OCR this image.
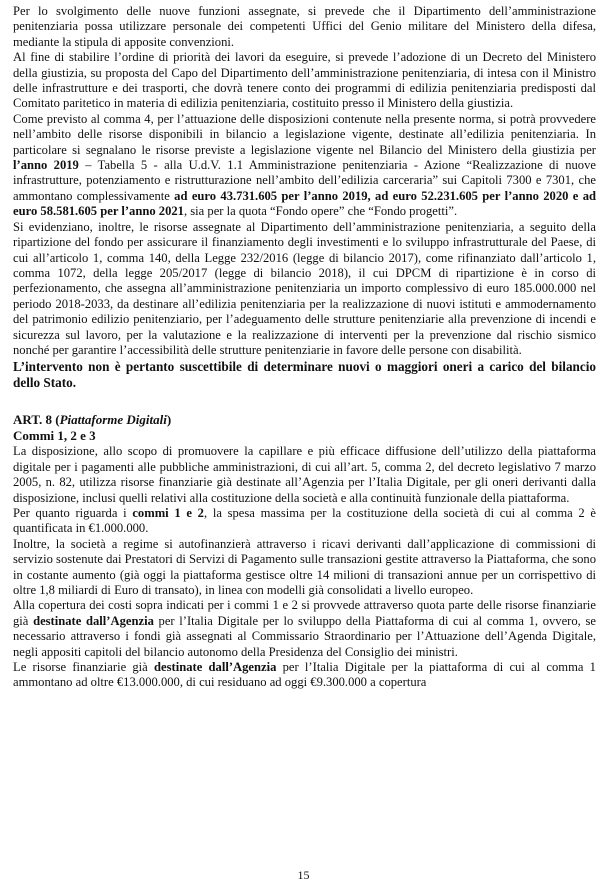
Per lo svolgimento delle nuove funzioni assegnate, si prevede che il Dipartimento dell’amministrazione penitenziaria possa utilizzare personale dei competenti Uffici del Genio militare del Ministero della difesa, mediante la stipula di apposite convenzioni.

Al fine di stabilire l’ordine di priorità dei lavori da eseguire, si prevede l’adozione di un Decreto del Ministero della giustizia, su proposta del Capo del Dipartimento dell’amministrazione penitenziaria, di intesa con il Ministro delle infrastrutture e dei trasporti, che dovrà tenere conto dei programmi di edilizia penitenziaria predisposti dal Comitato paritetico in materia di edilizia penitenziaria, costituito presso il Ministero della giustizia.

Come previsto al comma 4, per l’attuazione delle disposizioni contenute nella presente norma, si potrà provvedere nell’ambito delle risorse disponibili in bilancio a legislazione vigente, destinate all’edilizia penitenziaria. In particolare si segnalano le risorse previste a legislazione vigente nel Bilancio del Ministero della giustizia per l’anno 2019 – Tabella 5 - alla U.d.V. 1.1 Amministrazione penitenziaria - Azione “Realizzazione di nuove infrastrutture, potenziamento e ristrutturazione nell’ambito dell’edilizia carceraria” sui Capitoli 7300 e 7301, che ammontano complessivamente ad euro 43.731.605 per l’anno 2019, ad euro 52.231.605 per l’anno 2020 e ad euro 58.581.605 per l’anno 2021, sia per la quota “Fondo opere” che “Fondo progetti”.

Si evidenziano, inoltre, le risorse assegnate al Dipartimento dell’amministrazione penitenziaria, a seguito della ripartizione del fondo per assicurare il finanziamento degli investimenti e lo sviluppo infrastrutturale del Paese, di cui all’articolo 1, comma 140, della Legge 232/2016 (legge di bilancio 2017), come rifinanziato dall’articolo 1, comma 1072, della legge 205/2017 (legge di bilancio 2018), il cui DPCM di ripartizione è in corso di perfezionamento, che assegna all’amministrazione penitenziaria un importo complessivo di euro 185.000.000 nel periodo 2018-2033, da destinare all’edilizia penitenziaria per la realizzazione di nuovi istituti e ammodernamento del patrimonio edilizio penitenziario, per l’adeguamento delle strutture penitenziarie alla prevenzione di incendi e sicurezza sul lavoro, per la valutazione e la realizzazione di interventi per la prevenzione dal rischio sismico nonché per garantire l’accessibilità delle strutture penitenziarie in favore delle persone con disabilità.

L’intervento non è pertanto suscettibile di determinare nuovi o maggiori oneri a carico del bilancio dello Stato.

ART. 8 (Piattaforme Digitali)
Commi 1, 2 e 3

La disposizione, allo scopo di promuovere la capillare e più efficace diffusione dell’utilizzo della piattaforma digitale per i pagamenti alle pubbliche amministrazioni, di cui all’art. 5, comma 2, del decreto legislativo 7 marzo 2005, n. 82, utilizza risorse finanziarie già destinate all’Agenzia per l’Italia Digitale, per gli oneri derivanti dalla disposizione, inclusi quelli relativi alla costituzione della società e alla continuità funzionale della piattaforma.

Per quanto riguarda i commi 1 e 2, la spesa massima per la costituzione della società di cui al comma 2 è quantificata in €1.000.000.

Inoltre, la società a regime si autofinanzierà attraverso i ricavi derivanti dall’applicazione di commissioni di servizio sostenute dai Prestatori di Servizi di Pagamento sulle transazioni gestite attraverso la Piattaforma, che sono in costante aumento (già oggi la piattaforma gestisce oltre 14 milioni di transazioni annue per un corrispettivo di oltre 1,8 miliardi di Euro di transato), in linea con modelli già consolidati a livello europeo.

Alla copertura dei costi sopra indicati per i commi 1 e 2 si provvede attraverso quota parte delle risorse finanziarie già destinate dall’Agenzia per l’Italia Digitale per lo sviluppo della Piattaforma di cui al comma 1, ovvero, se necessario attraverso i fondi già assegnati al Commissario Straordinario per l’Attuazione dell’Agenda Digitale, negli appositi capitoli del bilancio autonomo della Presidenza del Consiglio dei ministri.

Le risorse finanziarie già destinate dall’Agenzia per l’Italia Digitale per la piattaforma di cui al comma 1 ammontano ad oltre €13.000.000, di cui residuano ad oggi €9.300.000 a copertura

15
